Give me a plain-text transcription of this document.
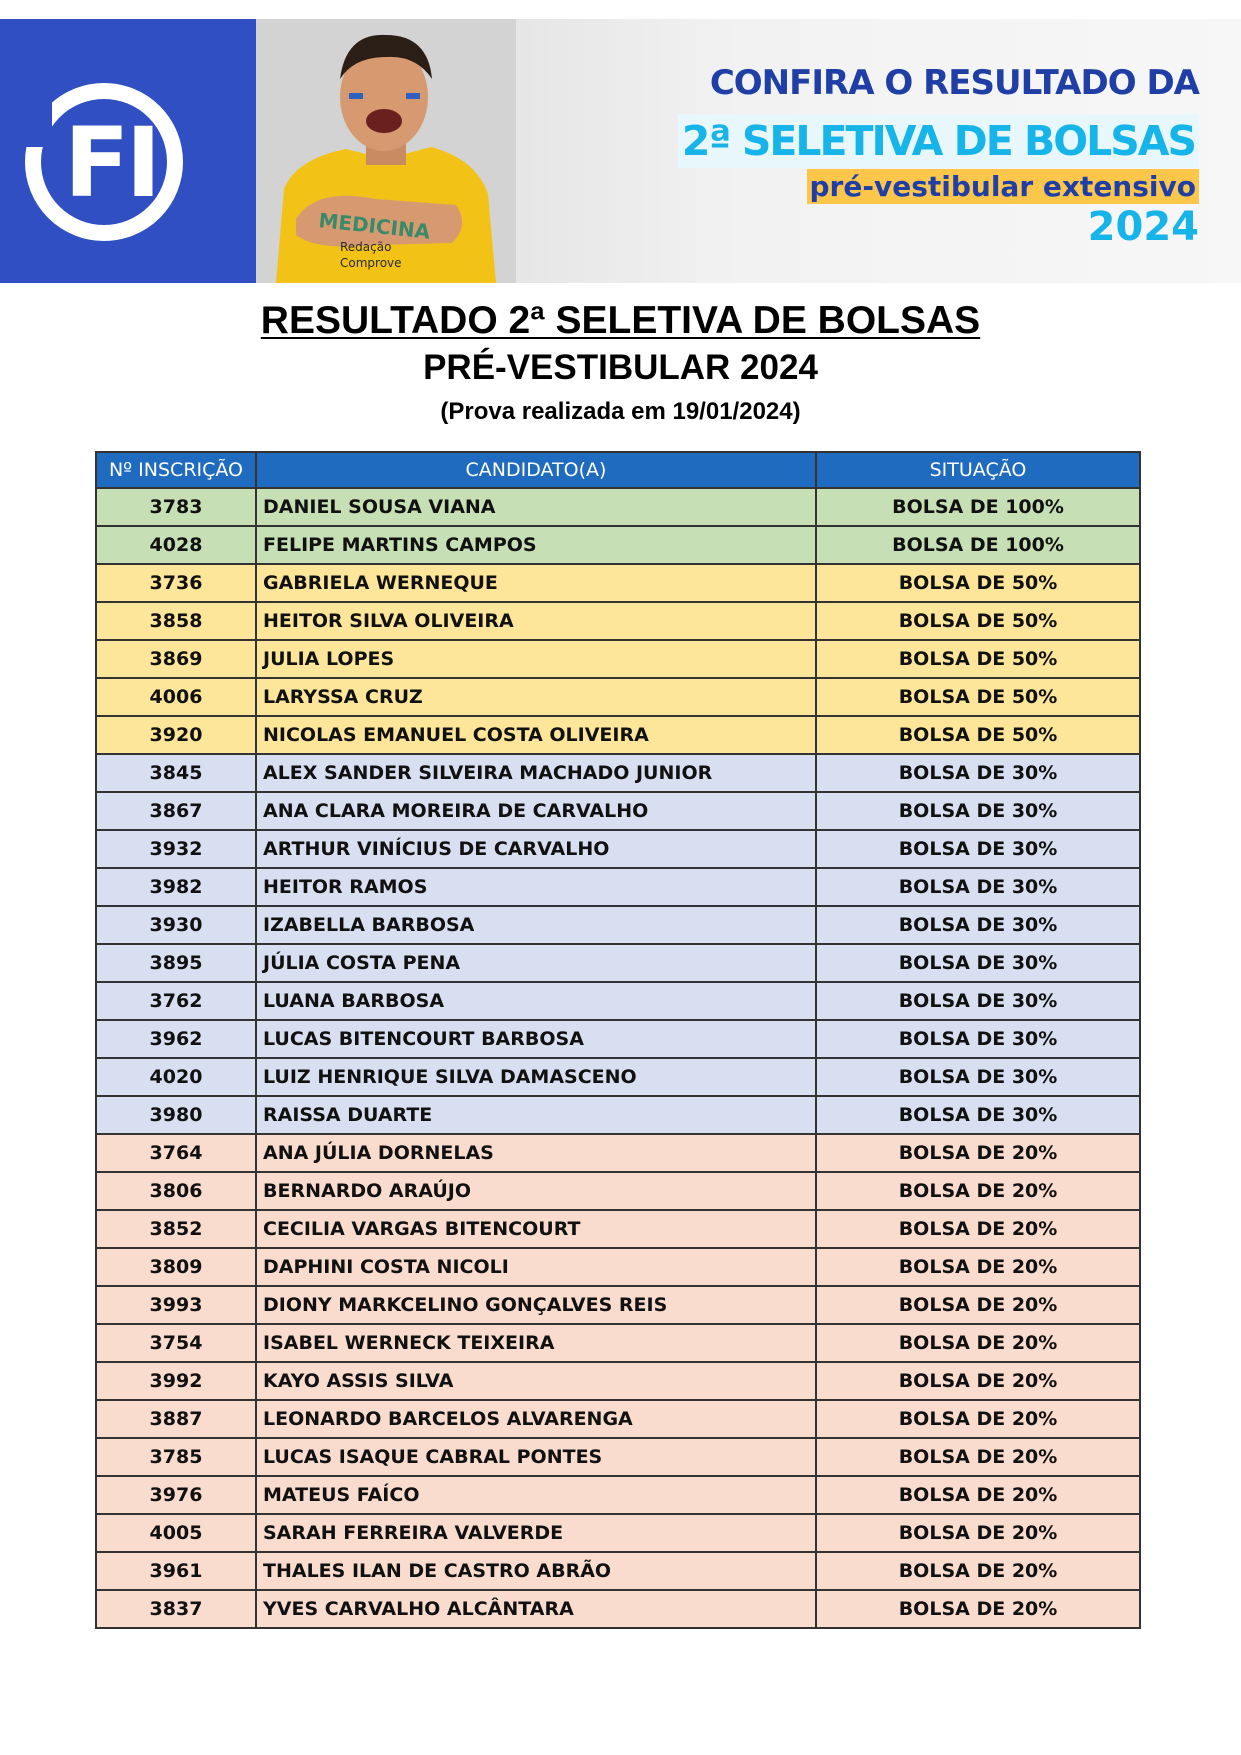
FI
MEDICINA
Redação
Comprove
CONFIRA O RESULTADO DA
2ª SELETIVA DE BOLSAS
pré-vestibular extensivo
2024
RESULTADO 2ª SELETIVA DE BOLSAS
PRÉ-VESTIBULAR 2024
(Prova realizada em 19/01/2024)
Nº INSCRIÇÃO	CANDIDATO(A)	SITUAÇÃO
3783	DANIEL SOUSA VIANA	BOLSA DE 100%
4028	FELIPE MARTINS CAMPOS	BOLSA DE 100%
3736	GABRIELA WERNEQUE	BOLSA DE 50%
3858	HEITOR SILVA OLIVEIRA	BOLSA DE 50%
3869	JULIA LOPES	BOLSA DE 50%
4006	LARYSSA CRUZ	BOLSA DE 50%
3920	NICOLAS EMANUEL COSTA OLIVEIRA	BOLSA DE 50%
3845	ALEX SANDER SILVEIRA MACHADO JUNIOR	BOLSA DE 30%
3867	ANA CLARA MOREIRA DE CARVALHO	BOLSA DE 30%
3932	ARTHUR VINÍCIUS DE CARVALHO	BOLSA DE 30%
3982	HEITOR RAMOS	BOLSA DE 30%
3930	IZABELLA BARBOSA	BOLSA DE 30%
3895	JÚLIA COSTA PENA	BOLSA DE 30%
3762	LUANA BARBOSA	BOLSA DE 30%
3962	LUCAS BITENCOURT BARBOSA	BOLSA DE 30%
4020	LUIZ HENRIQUE SILVA DAMASCENO	BOLSA DE 30%
3980	RAISSA DUARTE	BOLSA DE 30%
3764	ANA JÚLIA DORNELAS	BOLSA DE 20%
3806	BERNARDO ARAÚJO	BOLSA DE 20%
3852	CECILIA VARGAS BITENCOURT	BOLSA DE 20%
3809	DAPHINI COSTA NICOLI	BOLSA DE 20%
3993	DIONY MARKCELINO GONÇALVES REIS	BOLSA DE 20%
3754	ISABEL WERNECK TEIXEIRA	BOLSA DE 20%
3992	KAYO ASSIS SILVA	BOLSA DE 20%
3887	LEONARDO BARCELOS ALVARENGA	BOLSA DE 20%
3785	LUCAS ISAQUE CABRAL PONTES	BOLSA DE 20%
3976	MATEUS FAÍCO	BOLSA DE 20%
4005	SARAH FERREIRA VALVERDE	BOLSA DE 20%
3961	THALES ILAN DE CASTRO ABRÃO	BOLSA DE 20%
3837	YVES CARVALHO ALCÂNTARA	BOLSA DE 20%
